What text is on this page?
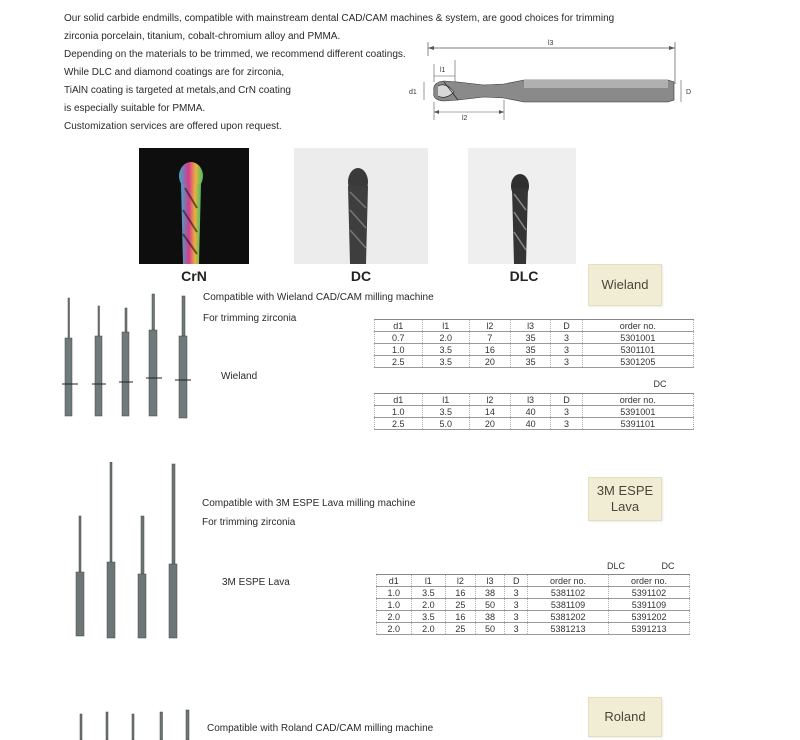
Our solid carbide endmills, compatible with mainstream dental CAD/CAM machines & system, are good choices for trimming
zirconia porcelain, titanium, cobalt-chromium alloy and PMMA.
Depending on the materials to be trimmed, we recommend different coatings.
While DLC and diamond coatings are for zirconia,
TiAlN coating is targeted at metals,and CrN coating
is especially suitable for PMMA.
Customization services are offered upon request.
l3
l1
d1	D
l2
CrN	DC	DLC
Wieland
Compatible with Wieland CAD/CAM milling machine
For trimming zirconia
Wieland
d1	l1	l2	l3	D	order no.
0.7	2.0	7	35	3	5301001
1.0	3.5	16	35	3	5301101
2.5	3.5	20	35	3	5301205
DC
d1	l1	l2	l3	D	order no.
1.0	3.5	14	40	3	5391001
2.5	5.0	20	40	3	5391101
3M ESPE
Lava
Compatible with 3M ESPE Lava milling machine
For trimming zirconia
3M ESPE Lava
DLC	DC
d1	l1	l2	l3	D	order no.	order no.
1.0	3.5	16	38	3	5381102	5391102
1.0	2.0	25	50	3	5381109	5391109
2.0	3.5	16	38	3	5381202	5391202
2.0	2.0	25	50	3	5381213	5391213
Roland
Compatible with Roland CAD/CAM milling machine
